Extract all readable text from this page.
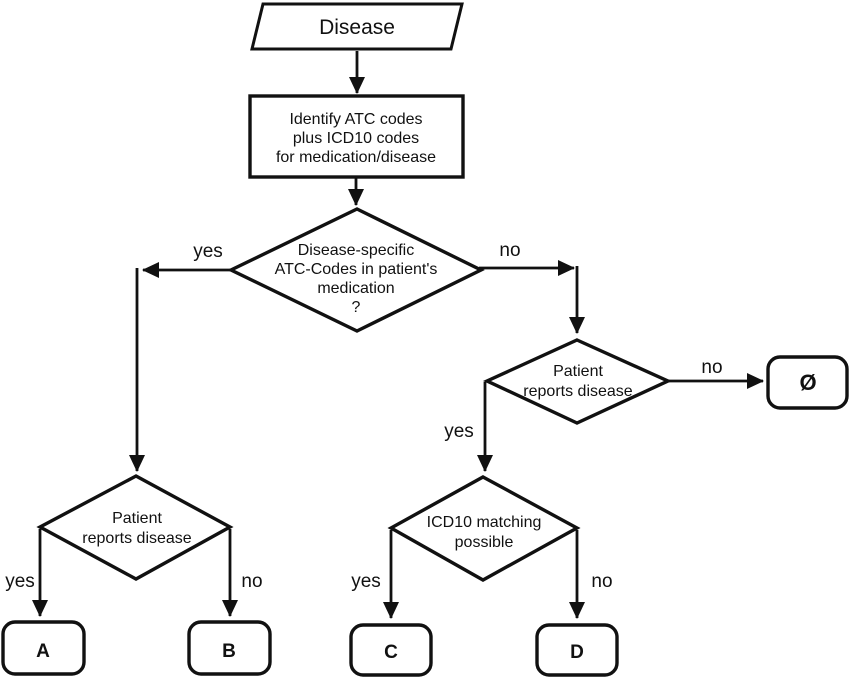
yes	no
no
yes
yes	no	yes	no
Disease
Identify ATC codes
plus ICD10 codes
for medication/disease
Disease-specific
ATC-Codes in patient's
medication
?
Patient
reports disease	Ø
ICD10 matching
possible
Patient
reports disease
A	B	C	D
